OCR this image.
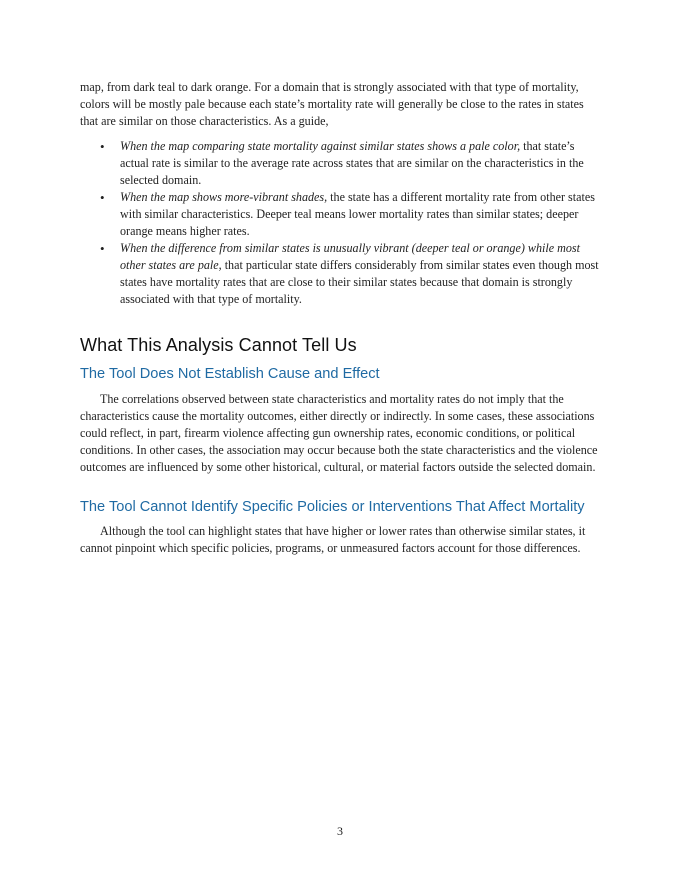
map, from dark teal to dark orange. For a domain that is strongly associated with that type of mortality, colors will be mostly pale because each state’s mortality rate will generally be close to the rates in states that are similar on those characteristics. As a guide,

• When the map comparing state mortality against similar states shows a pale color, that state’s actual rate is similar to the average rate across states that are similar on the characteristics in the selected domain.
• When the map shows more-vibrant shades, the state has a different mortality rate from other states with similar characteristics. Deeper teal means lower mortality rates than similar states; deeper orange means higher rates.
• When the difference from similar states is unusually vibrant (deeper teal or orange) while most other states are pale, that particular state differs considerably from similar states even though most states have mortality rates that are close to their similar states because that domain is strongly associated with that type of mortality.
What This Analysis Cannot Tell Us
The Tool Does Not Establish Cause and Effect

The correlations observed between state characteristics and mortality rates do not imply that the characteristics cause the mortality outcomes, either directly or indirectly. In some cases, these associations could reflect, in part, firearm violence affecting gun ownership rates, economic conditions, or political conditions. In other cases, the association may occur because both the state characteristics and the violence outcomes are influenced by some other historical, cultural, or material factors outside the selected domain.

The Tool Cannot Identify Specific Policies or Interventions That Affect Mortality

Although the tool can highlight states that have higher or lower rates than otherwise similar states, it cannot pinpoint which specific policies, programs, or unmeasured factors account for those differences.

3
